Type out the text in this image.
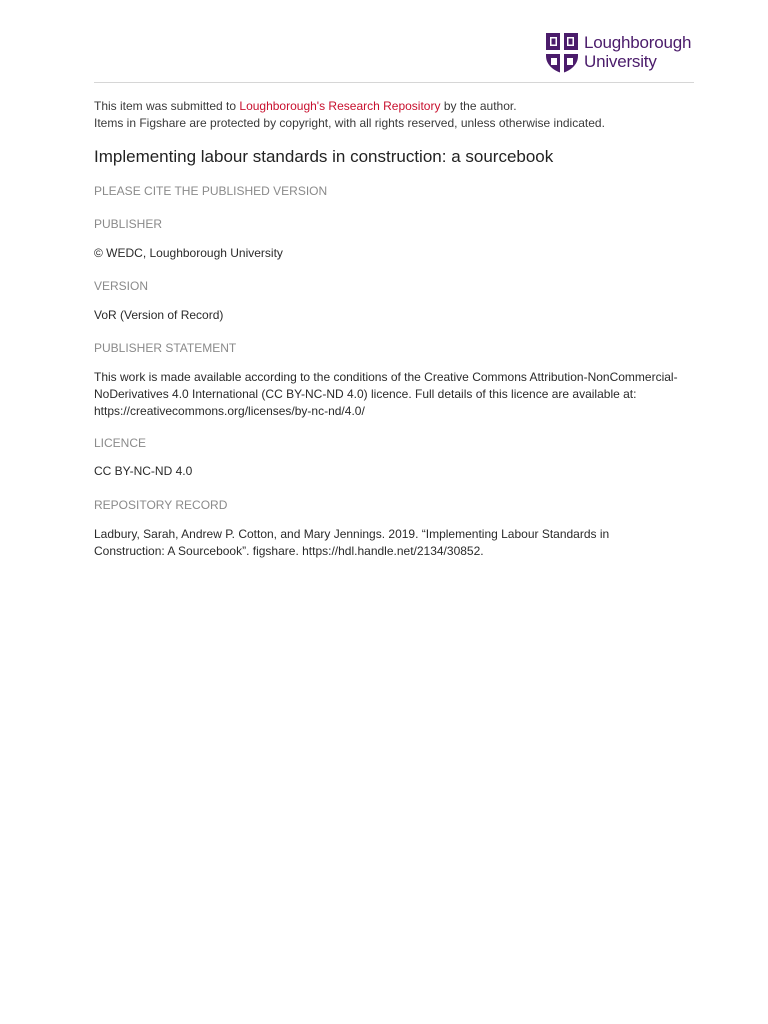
Loughborough
University
This item was submitted to Loughborough's Research Repository by the author.
Items in Figshare are protected by copyright, with all rights reserved, unless otherwise indicated.
Implementing labour standards in construction: a sourcebook
PLEASE CITE THE PUBLISHED VERSION
PUBLISHER
© WEDC, Loughborough University
VERSION
VoR (Version of Record)
PUBLISHER STATEMENT
This work is made available according to the conditions of the Creative Commons Attribution-NonCommercial-
NoDerivatives 4.0 International (CC BY-NC-ND 4.0) licence. Full details of this licence are available at:
https://creativecommons.org/licenses/by-nc-nd/4.0/
LICENCE
CC BY-NC-ND 4.0
REPOSITORY RECORD
Ladbury, Sarah, Andrew P. Cotton, and Mary Jennings. 2019. “Implementing Labour Standards in
Construction: A Sourcebook”. figshare. https://hdl.handle.net/2134/30852.
